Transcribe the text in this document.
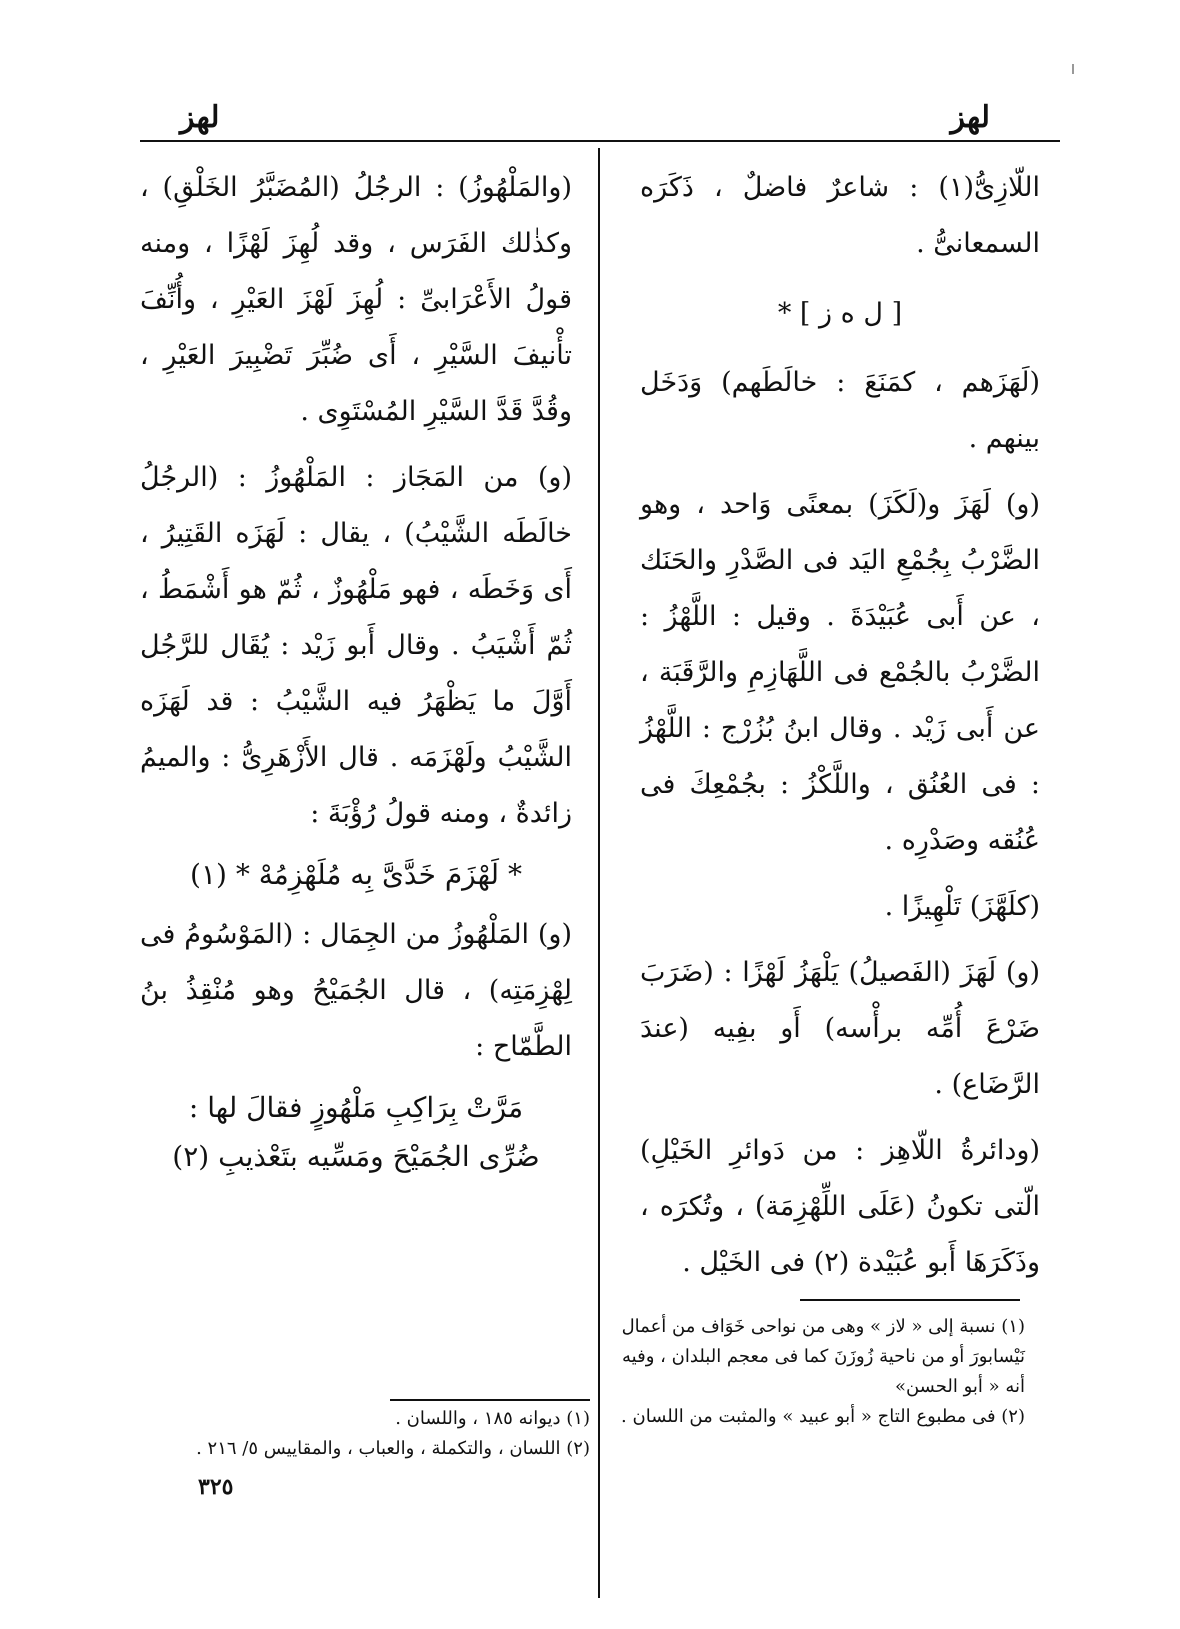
لهز
لهز

اللّازِىُّ(١) : شاعرٌ فاضلٌ ، ذَكَرَه السمعانىُّ .

[ ل ه ز ] *

(لَهَزَهم ، كمَنَعَ : خالَطَهم) وَدَخَل بينهم .

(و) لَهَزَ و(لَكَزَ) بمعنًى وَاحد ، وهو الضَّرْبُ بِجُمْعِ اليَد فى الصَّدْرِ والحَنَك ، عن أَبى عُبَيْدَةَ . وقيل : اللَّهْزُ : الضَّرْبُ بالجُمْع فى اللَّهَازِمِ والرَّقَبَة ، عن أَبى زَيْد . وقال ابنُ بُزُرْج : اللَّهْزُ : فى العُنُق ، واللَّكْزُ : بجُمْعِكَ فى عُنُقه وصَدْرِه .

(كلَهَّزَ) تَلْهِيزًا .

(و) لَهَزَ (الفَصيلُ) يَلْهَزُ لَهْزًا : (ضَرَبَ ضَرْعَ أُمِّه برأْسه) أَو بفِيه (عندَ الرَّضَاع) .

(ودائرةُ اللّاهِز : من دَوائرِ الخَيْلِ) الّتى تكونُ (عَلَى اللِّهْزِمَة) ، وتُكرَه ، وذَكَرَهَا أَبو عُبَيْدة (٢) فى الخَيْل .

(١) نسبة إلى « لاز » وهى من نواحى خَوَاف من أعمال نَيْسابورَ أو من ناحية زُوزَنَ كما فى معجم البلدان ، وفيه أنه « أبو الحسن»

(٢) فى مطبوع التاج « أبو عبيد » والمثبت من اللسان .

(والمَلْهُوزُ) : الرجُلُ (المُضَبَّرُ الخَلْقِ) ، وكذٰلك الفَرَس ، وقد لُهِزَ لَهْزًا ، ومنه قولُ الأَعْرَابىِّ : لُهِزَ لَهْزَ العَيْرِ ، وأُنِّفَ تأْنيفَ السَّيْرِ ، أَى ضُبِّرَ تَضْبِيرَ العَيْرِ ، وقُدَّ قَدَّ السَّيْرِ المُسْتَوِى .

(و) من المَجَاز : المَلْهُوزُ : (الرجُلُ خالَطَه الشَّيْبُ) ، يقال : لَهَزَه القَتِيرُ ، أَى وَخَطَه ، فهو مَلْهُوزٌ ، ثُمّ هو أَشْمَطُ ، ثُمّ أَشْيَبُ . وقال أَبو زَيْد : يُقَال للرَّجُل أَوَّلَ ما يَظْهَرُ فيه الشَّيْبُ : قد لَهَزَه الشَّيْبُ ولَهْزَمَه . قال الأَزْهَرِىُّ : والميمُ زائدةٌ ، ومنه قولُ رُؤْبَةَ :

* لَهْزَمَ خَدَّىَّ بِه مُلَهْزِمُهْ * (١)

(و) المَلْهُوزُ من الجِمَال : (المَوْسُومُ فى لِهْزِمَتِه) ، قال الجُمَيْحُ وهو مُنْقِذُ بنُ الطَّمّاح :

مَرَّتْ بِرَاكِبِ مَلْهُوزٍ فقالَ لها :
ضُرِّى الجُمَيْحَ ومَسِّيه بتَعْذيبِ (٢)

(١) ديوانه ١٨٥ ، واللسان .

(٢) اللسان ، والتكملة ، والعباب ، والمقاييس ٥/ ٢١٦ .

٣٢٥
